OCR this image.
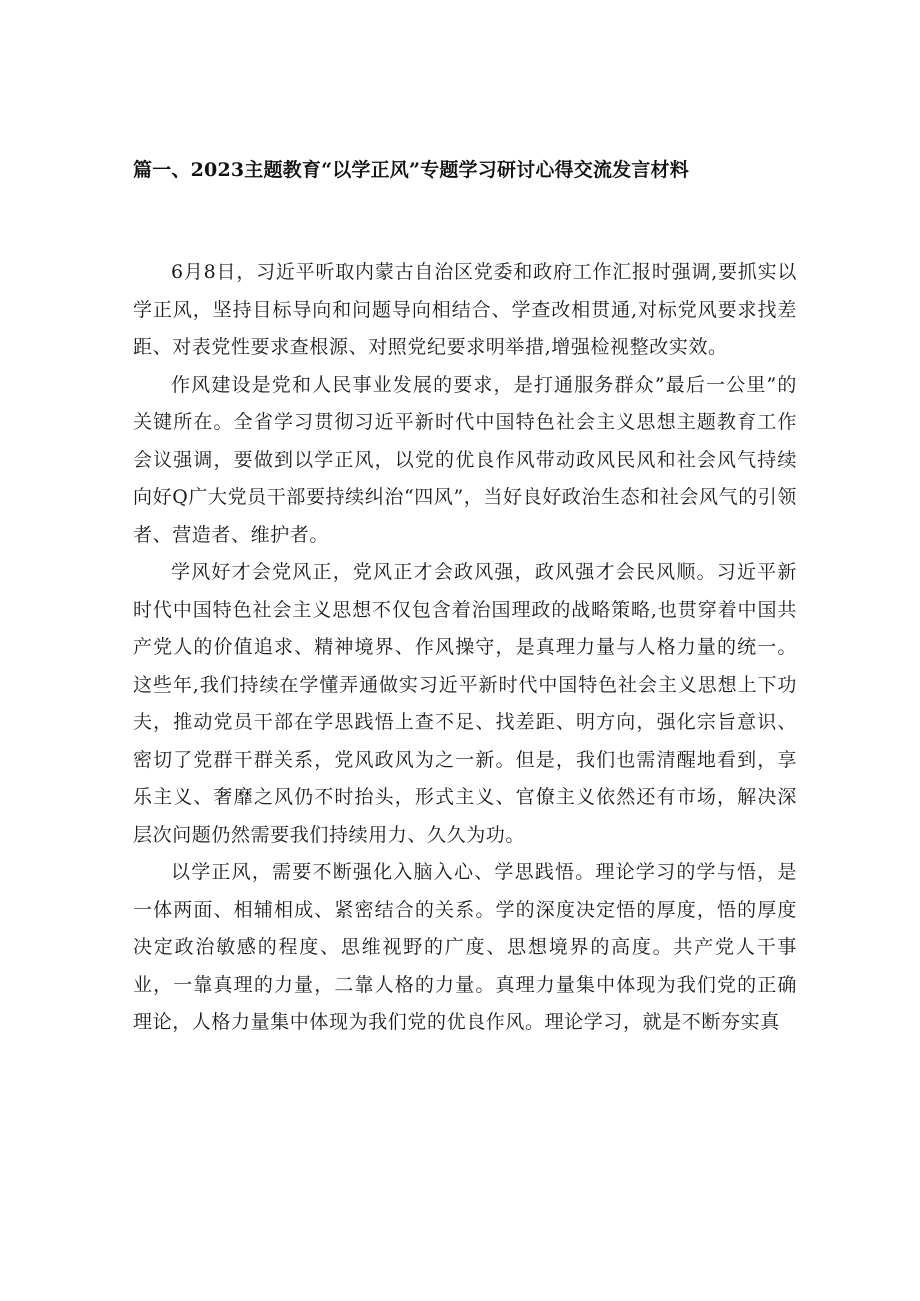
篇一、2023主题教育“以学正风”专题学习研讨心得交流发言材料

6月8日，习近平听取内蒙古自治区党委和政府工作汇报时强调,要抓实以学正风，坚持目标导向和问题导向相结合、学查改相贯通,对标党风要求找差距、对表党性要求查根源、对照党纪要求明举措,增强检视整改实效。

作风建设是党和人民事业发展的要求，是打通服务群众”最后一公里”的关键所在。全省学习贯彻习近平新时代中国特色社会主义思想主题教育工作会议强调，要做到以学正风，以党的优良作风带动政风民风和社会风气持续向好Q广大党员干部要持续纠治“四风”，当好良好政治生态和社会风气的引领者、营造者、维护者。

学风好才会党风正，党风正才会政风强，政风强才会民风顺。习近平新时代中国特色社会主义思想不仅包含着治国理政的战略策略,也贯穿着中国共产党人的价值追求、精神境界、作风操守，是真理力量与人格力量的统一。这些年,我们持续在学懂弄通做实习近平新时代中国特色社会主义思想上下功夫，推动党员干部在学思践悟上查不足、找差距、明方向，强化宗旨意识、密切了党群干群关系，党风政风为之一新。但是，我们也需清醒地看到，享乐主义、奢靡之风仍不时抬头，形式主义、官僚主义依然还有市场，解决深层次问题仍然需要我们持续用力、久久为功。

以学正风，需要不断强化入脑入心、学思践悟。理论学习的学与悟，是一体两面、相辅相成、紧密结合的关系。学的深度决定悟的厚度，悟的厚度决定政治敏感的程度、思维视野的广度、思想境界的高度。共产党人干事业，一靠真理的力量，二靠人格的力量。真理力量集中体现为我们党的正确理论，人格力量集中体现为我们党的优良作风。理论学习，就是不断夯实真
